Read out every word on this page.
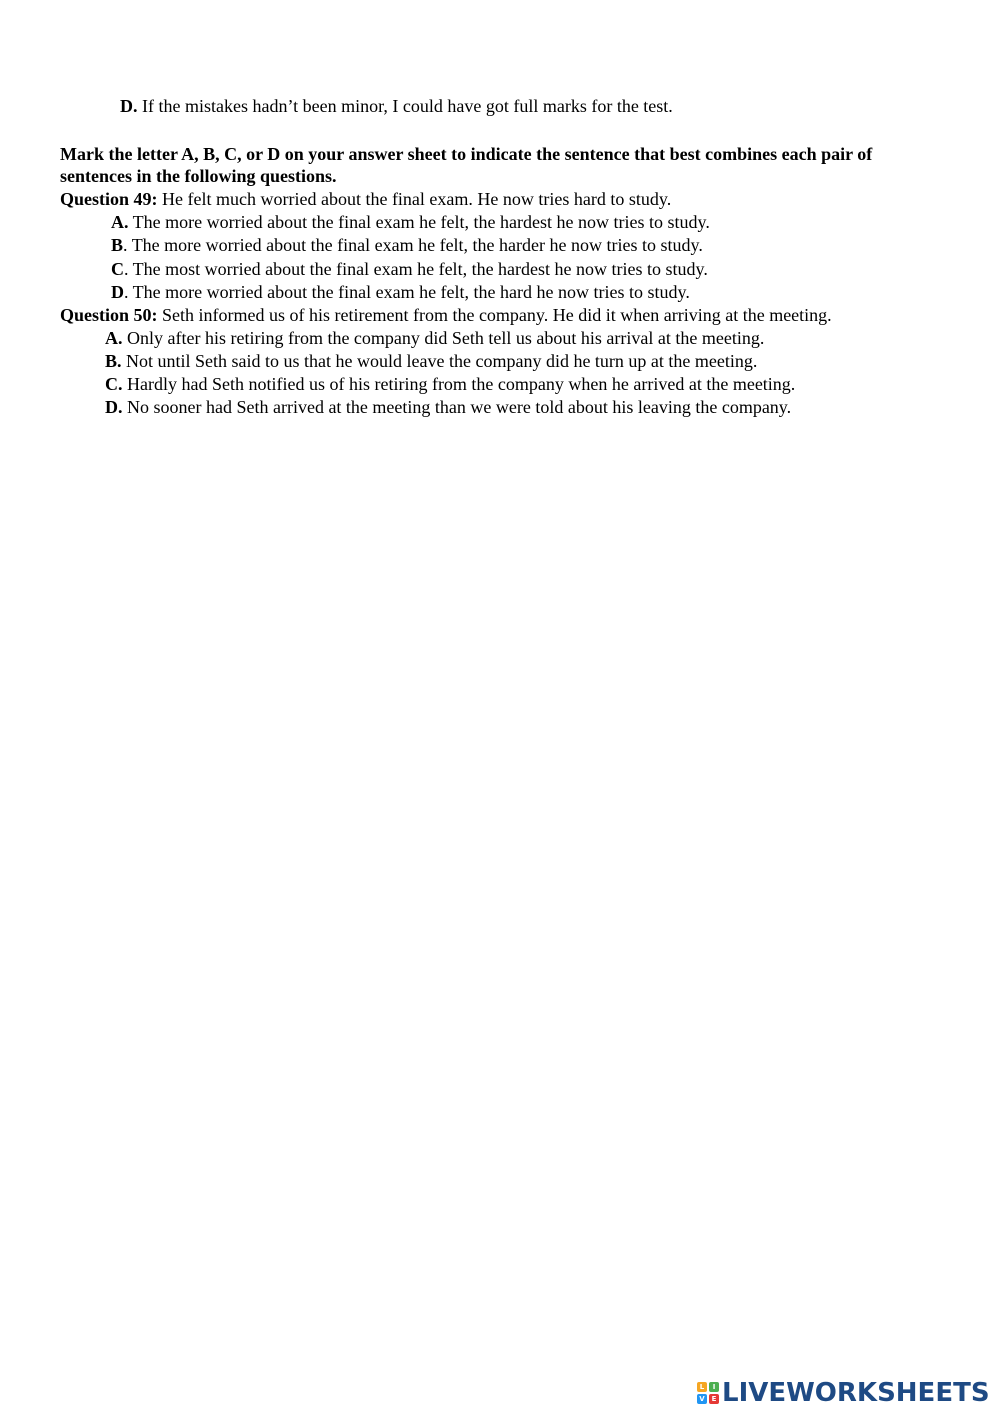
D. If the mistakes hadn’t been minor, I could have got full marks for the test.
Mark the letter A, B, C, or D on your answer sheet to indicate the sentence that best combines each pair of sentences in the following questions.
Question 49: He felt much worried about the final exam. He now tries hard to study.
A. The more worried about the final exam he felt, the hardest he now tries to study.
B. The more worried about the final exam he felt, the harder he now tries to study.
C. The most worried about the final exam he felt, the hardest he now tries to study.
D. The more worried about the final exam he felt, the hard he now tries to study.
Question 50: Seth informed us of his retirement from the company. He did it when arriving at the meeting.
A. Only after his retiring from the company did Seth tell us about his arrival at the meeting.
B. Not until Seth said to us that he would leave the company did he turn up at the meeting.
C. Hardly had Seth notified us of his retiring from the company when he arrived at the meeting.
D. No sooner had Seth arrived at the meeting than we were told about his leaving the company.
L	I
V E LIVEWORKSHEETS
